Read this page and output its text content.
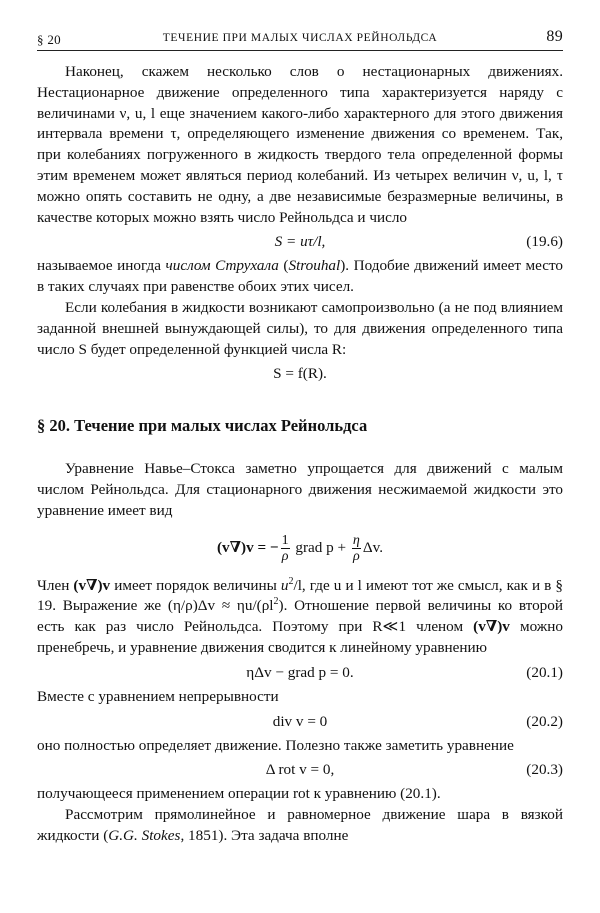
§ 20	ТЕЧЕНИЕ ПРИ МАЛЫХ ЧИСЛАХ РЕЙНОЛЬДСА	89

Наконец, скажем несколько слов о нестационарных движениях. Нестационарное движение определенного типа характеризуется наряду с величинами ν, u, l еще значением какого-либо характерного для этого движения интервала времени τ, определяющего изменение движения со временем. Так, при колебаниях погруженного в жидкость твердого тела определенной формы этим временем может являться период колебаний. Из четырех величин ν, u, l, τ можно опять составить не одну, а две независимые безразмерные величины, в качестве которых можно взять число Рейнольдса и число

S = uτ/l,	(19.6)

называемое иногда числом Струхала (Strouhal). Подобие движений имеет место в таких случаях при равенстве обоих этих чисел.

Если колебания в жидкости возникают самопроизвольно (а не под влиянием заданной внешней вынуждающей силы), то для движения определенного типа число S будет определенной функцией числа R:

S = f(R).
§ 20. Течение при малых числах Рейнольдса

Уравнение Навье–Стокса заметно упрощается для движений с малым числом Рейнольдса. Для стационарного движения несжимаемой жидкости это уравнение имеет вид

(v∇)v = − $\frac{1}{\rho}$ grad $p + \frac{\eta}{\rho} \Delta v$.

Член (v∇)v имеет порядок величины $u^2/l$, где u и l имеют тот же смысл, как и в § 19. Выражение же $(\eta/\rho)\Delta v \approx \eta u/(\rho l^2)$. Отношение первой величины ко второй есть как раз число Рейнольдса. Поэтому при R≪1 членом (v∇)v можно пренебречь, и уравнение движения сводится к линейному уравнению

ηΔv − grad p = 0.	(20.1)

Вместе с уравнением непрерывности

div v = 0	(20.2)

оно полностью определяет движение. Полезно также заметить уравнение

Δ rot v = 0,	(20.3)

получающееся применением операции rot к уравнению (20.1).

Рассмотрим прямолинейное и равномерное движение шара в вязкой жидкости (G.G. Stokes, 1851). Эта задача вполне
